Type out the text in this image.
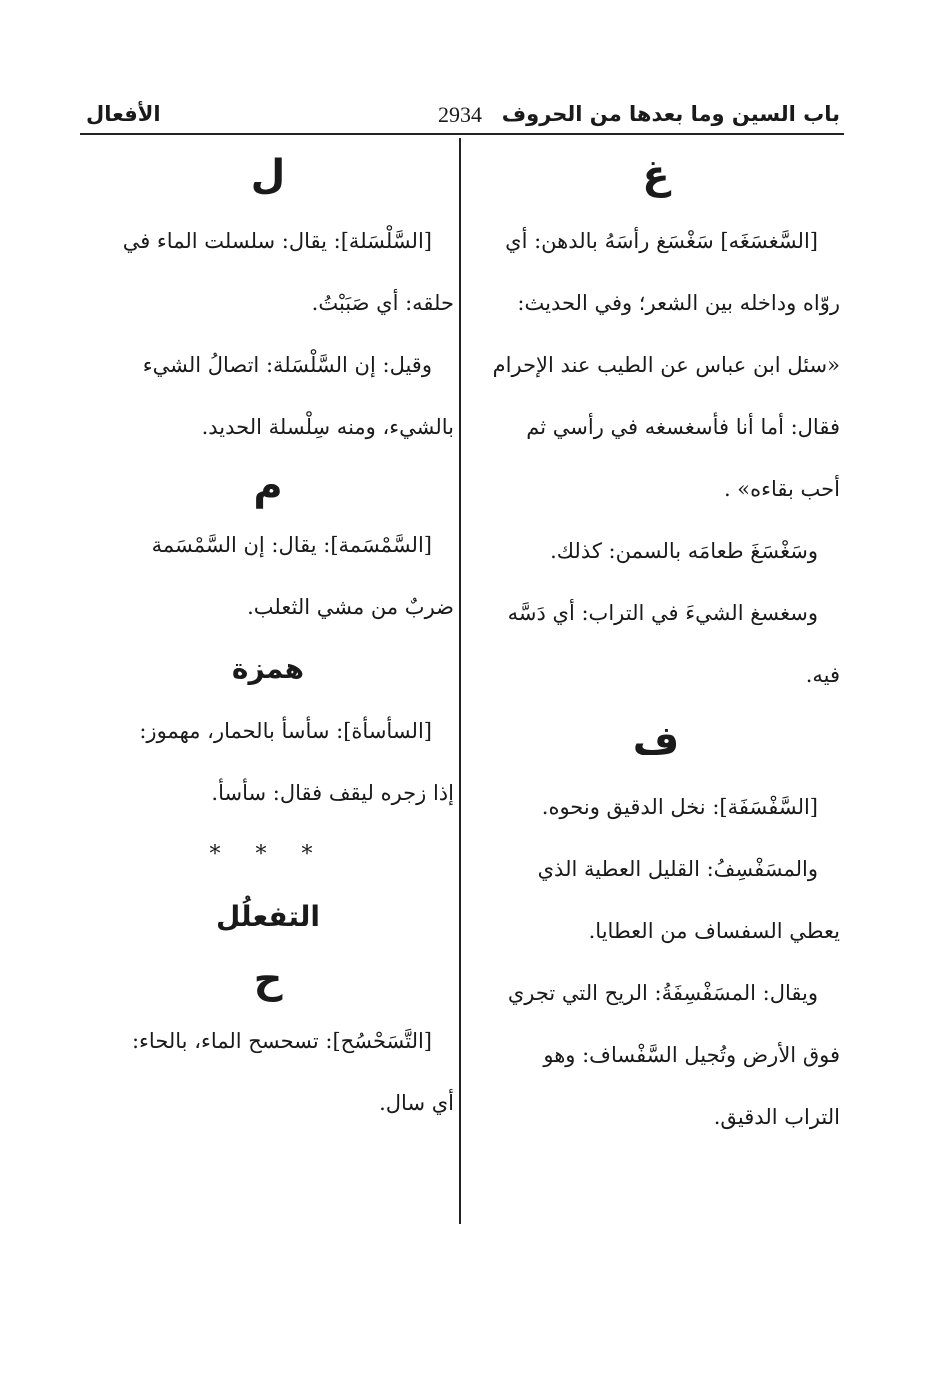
باب السين وما بعدها من الحروف
2934
الأفعال
غ
[السَّغسَغَه] سَغْسَغ رأسَهُ بالدهن: أي
روّاه وداخله بين الشعر؛ وفي الحديث:
«سئل ابن عباس عن الطيب عند الإحرام
فقال: أما أنا فأسغسغه في رأسي ثم
أحب بقاءه» .
وسَغْسَغَ طعامَه بالسمن: كذلك.
وسغسغ الشيءَ في التراب: أي دَسَّه
فيه.
ف
[السَّفْسَفَة]: نخل الدقيق ونحوه.
والمسَفْسِفُ: القليل العطية الذي
يعطي السفساف من العطايا.
ويقال: المسَفْسِفَةُ: الريح التي تجري
فوق الأرض وتُجيل السَّفْساف: وهو
التراب الدقيق.
ل
[السَّلْسَلة]: يقال: سلسلت الماء في
حلقه: أي صَبَبْتُ.
وقيل: إن السَّلْسَلة: اتصالُ الشيء
بالشيء، ومنه سِلْسلة الحديد.
م
[السَّمْسَمة]: يقال: إن السَّمْسَمة
ضربٌ من مشي الثعلب.
همزة
[السأسأة]: سأسأ بالحمار، مهموز:
إذا زجره ليقف فقال: سأسأ.
* * *
التفعلُل
ح
[التَّسَحْسُح]: تسحسح الماء، بالحاء:
أي سال.
